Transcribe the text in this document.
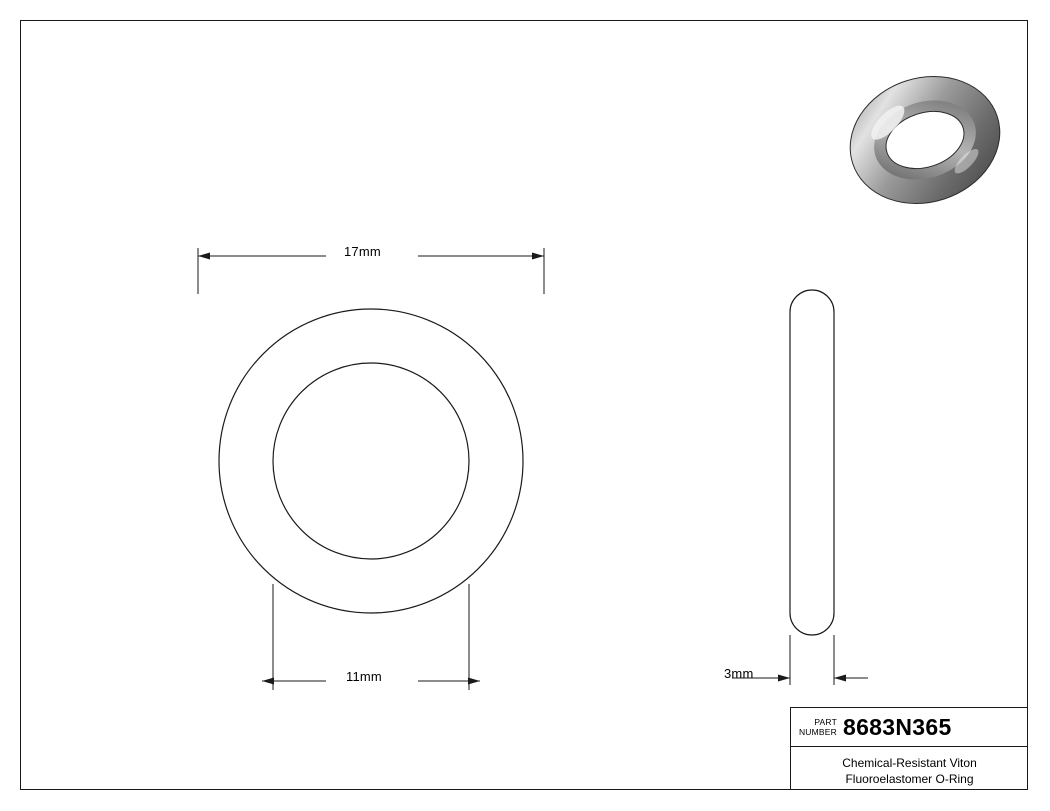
17mm
11mm	3mm
PART
NUMBER 8683N365
Chemical-Resistant Viton
Fluoroelastomer O-Ring
